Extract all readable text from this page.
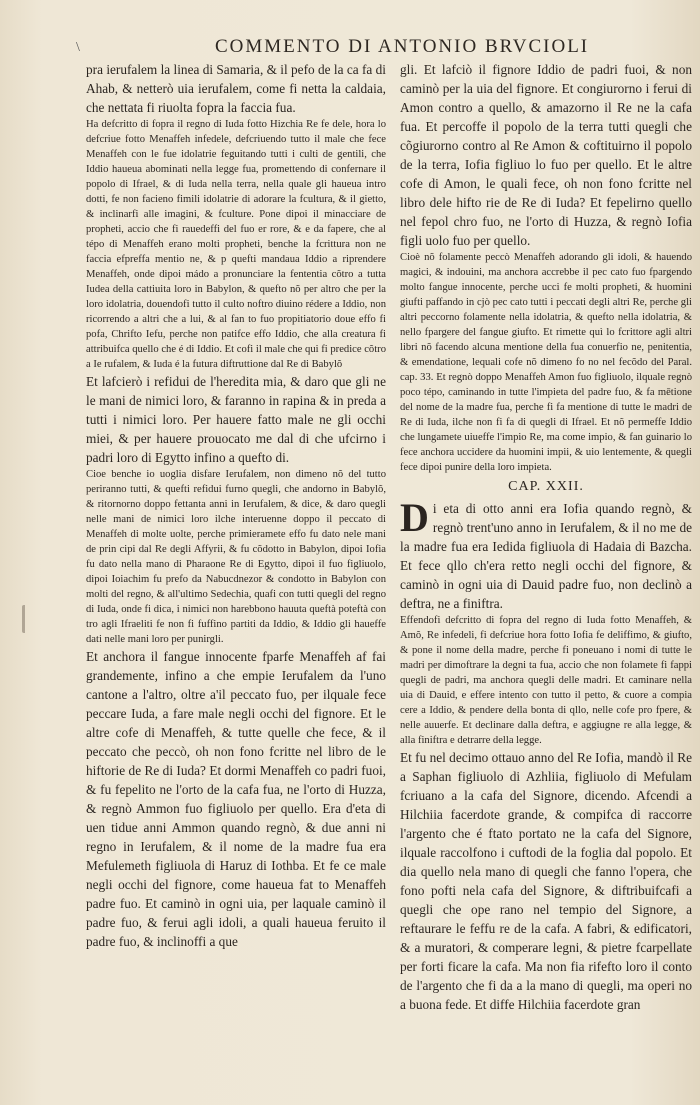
\	COMMENTO DI ANTONIO BRVCIOLI

pra ierufalem la linea di Samaria, & il pefo de la ca fa di Ahab, & netterò uia ierufalem, come fi netta la caldaia, che nettata fi riuolta fopra la faccia fua.

Ha defcritto di fopra il regno di Iuda fotto Hizchia Re fe dele, hora lo defcriue fotto Menaffeh infedele, defcriuendo tutto il male che fece Menaffeh con le fue idolatrie feguitando tutti i culti de gentili, che Iddio haueua abominati nella legge fua, promettendo di confernare il popolo di Ifrael, & di Iuda nella terra, nella quale gli haueua intro dotti, fe non facieno fimili idolatrie di adorare la fcultura, & il gietto, & inclinarfi alle imagini, & fculture. Pone dipoi il minacciare de propheti, accio che fi rauedeffi del fuo er rore, & e da fapere, che al tépo di Menaffeh erano molti propheti, benche la fcrittura non ne faccia efpreffa mentio ne, & p quefti mandaua Iddio a riprendere Menaffeh, onde dipoi mádo a pronunciare la fententia cõtro a tutta Iudea della cattiuita loro in Babylon, & quefto nõ per altro che per la loro idolatria, douendofi tutto il culto noftro diuino rédere a Iddio, non ricorrendo a altri che a lui, & al fan to fuo propitiatorio doue effo fi pofa, Chrifto Iefu, perche non patifce effo Iddio, che alla creatura fi attribuifca quello che é di Iddio. Et cofi il male che qui fi predice cõtro a Ie rufalem, & Iuda é la futura diftruttione dal Re di Babylõ

Et lafcierò i refidui de l'heredita mia, & daro que gli ne le mani de nimici loro, & faranno in rapina & in preda a tutti i nimici loro. Per hauere fatto male ne gli occhi miei, & per hauere prouocato me dal di che ufcirno i padri loro di Egytto infino a quefto di.

Cioe benche io uoglia disfare Ierufalem, non dimeno nõ del tutto periranno tutti, & quefti refidui furno quegli, che andorno in Babylõ, & ritornorno doppo fettanta anni in Ierufalem, & dice, & daro quegli nelle mani de nimici loro ilche interuenne doppo il peccato di Menaffeh di molte uolte, perche primieramete effo fu dato nele mani de prin cipi dal Re degli Affyrii, & fu cõdotto in Babylon, dipoi Iofia fu dato nella mano di Pharaone Re di Egytto, dipoi il fuo figliuolo, dipoi Ioiachim fu prefo da Nabucdnezor & condotto in Babylon con molti del regno, & all'ultimo Sedechia, quafi con tutti quegli del regno di Iuda, onde fi dica, i nimici non harebbono hauuta queftà poteftà con tro agli Ifraeliti fe non fi fuffino partiti da Iddio, & Iddio gli haueffe dati nelle mani loro per punirgli.

Et anchora il fangue innocente fparfe Menaffeh af fai grandemente, infino a che empie Ierufalem da l'uno cantone a l'altro, oltre a'il peccato fuo, per ilquale fece peccare Iuda, a fare male negli occhi del fignore. Et le altre cofe di Menaffeh, & tutte quelle che fece, & il peccato che peccò, oh non fono fcritte nel libro de le hiftorie de Re di Iuda? Et dormi Menaffeh co padri fuoi, & fu fepelito ne l'orto de la cafa fua, ne l'orto di Huzza, & regnò Ammon fuo figliuolo per quello. Era d'eta di uen tidue anni Ammon quando regnò, & due anni ni regno in Ierufalem, & il nome de la madre fua era Mefulemeth figliuola di Haruz di Iothba. Et fe ce male negli occhi del fignore, come haueua fat to Menaffeh padre fuo. Et caminò in ogni uia, per laquale caminò il padre fuo, & ferui agli idoli, a quali haueua feruito il padre fuo, & inclinoffi a que

gli. Et lafciò il fignore Iddio de padri fuoi, & non caminò per la uia del fignore. Et congiurorno i ferui di Amon contro a quello, & amazorno il Re ne la cafa fua. Et percoffe il popolo de la terra tutti quegli che cõgiurorno contro al Re Amon & coftituirno il popolo de la terra, Iofia figliuo lo fuo per quello. Et le altre cofe di Amon, le quali fece, oh non fono fcritte nel libro dele hifto rie de Re di Iuda? Et fepelirno quello nel fepol chro fuo, ne l'orto di Huzza, & regnò Iofia figli uolo fuo per quello.

Cioè nõ folamente peccò Menaffeh adorando gli idoli, & hauendo magici, & indouini, ma anchora accrebbe il pec cato fuo fpargendo molto fangue innocente, perche ucci fe molti propheti, & huomini giufti paffando in cjò pec cato tutti i peccati degli altri Re, perche gli altri peccorno folamente nella idolatria, & quefto nella idolatria, & nello fpargere del fangue giufto. Et rimette quì lo fcrittore agli altri libri nõ facendo alcuna mentione della fua conuerfio ne, penitentia, & emendatione, lequali cofe nõ dimeno fo no nel fecõdo del Paral. cap. 33. Et regnò doppo Menaffeh Amon fuo figliuolo, ilquale regnò poco tépo, caminando in tutte l'impieta del padre fuo, & fa mētione del nome de la madre fua, perche fi fa mentione di tutte le madri de Re di Iuda, ilche non fi fa di quegli di Ifrael. Et nõ permeffe Iddio che lungamete uiueffe l'impio Re, ma come impio, & fan guinario lo fece anchora uccidere da huomini impii, & uio lentemente, & quegli fece dipoi punire della loro impieta.

CAP. XXII.

Di eta di otto anni era Iofia quando regnò, & regnò trent'uno anno in Ierufalem, & il no me de la madre fua era Iedida figliuola di Hadaia di Bazcha. Et fece qllo ch'era retto negli occhi del fignore, & caminò in ogni uia di Dauid padre fuo, non declinò a deftra, ne a finiftra.

Effendofi defcritto di fopra del regno di Iuda fotto Menaffeh, & Amõ, Re infedeli, fi defcriue hora fotto Iofia fe deliffimo, & giufto, & pone il nome della madre, perche fi poneuano i nomi di tutte le madri per dimoftrare la degni ta fua, accio che non folamete fi fappi quegli de padri, ma anchora quegli delle madri. Et caminare nella uia di Dauid, e effere intento con tutto il petto, & cuore a compia cere a Iddio, & pendere della bonta di qllo, nelle cofe pro fpere, & nelle auuerfe. Et declinare dalla deftra, e aggiugne re alla legge, & alla finiftra e detrarre della legge.

Et fu nel decimo ottauo anno del Re Iofia, mandò il Re a Saphan figliuolo di Azhliia, figliuolo di Mefulam fcriuano a la cafa del Signore, dicendo. Afcendi a Hilchiia facerdote grande, & compifca di raccorre l'argento che é ftato portato ne la cafa del Signore, ilquale raccolfono i cuftodi de la foglia dal popolo. Et dia quello nela mano di quegli che fanno l'opera, che fono pofti nela cafa del Signore, & diftribuifcafi a quegli che ope rano nel tempio del Signore, a reftaurare le feffu re de la cafa. A fabri, & edificatori, & a muratori, & comperare legni, & pietre fcarpellate per forti ficare la cafa. Ma non fia rifefto loro il conto de l'argento che fi da a la mano di quegli, ma operi no a buona fede. Et diffe Hilchiia facerdote gran
